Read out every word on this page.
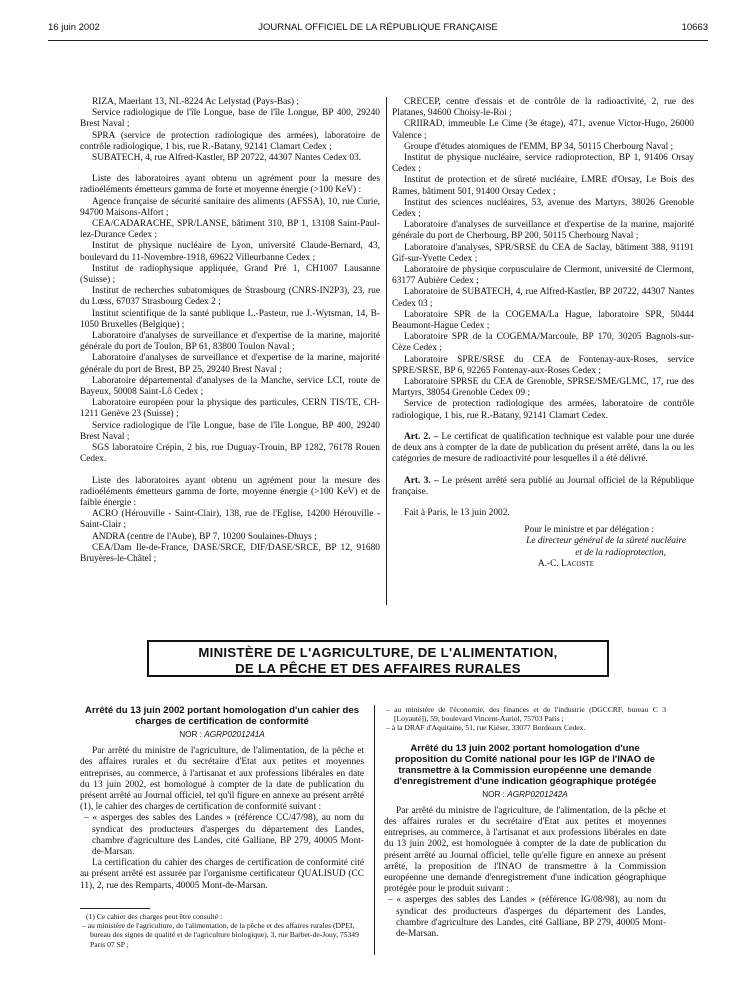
16 juin 2002	JOURNAL OFFICIEL DE LA RÉPUBLIQUE FRANÇAISE	10663

RIZA, Maerlant 13, NL-8224 Ac Lelystad (Pays-Bas) ;

Service radiologique de l'île Longue, base de l'île Longue, BP 400, 29240 Brest Naval ;

SPRA (service de protection radiologique des armées), laboratoire de contrôle radiologique, 1 bis, rue R.-Batany, 92141 Clamart Cedex ;

SUBATECH, 4, rue Alfred-Kastler, BP 20722, 44307 Nantes Cedex 03.

Liste des laboratoires ayant obtenu un agrément pour la mesure des radioéléments émetteurs gamma de forte et moyenne énergie (>100 KeV) :

Agence française de sécurité sanitaire des aliments (AFSSA), 10, rue Curie, 94700 Maisons-Alfort ;

CEA/CADARACHE, SPR/LANSE, bâtiment 310, BP 1, 13108 Saint-Paul-lez-Durance Cedex ;

Institut de physique nucléaire de Lyon, université Claude-Bernard, 43, boulevard du 11-Novembre-1918, 69622 Villeurbanne Cedex ;

Institut de radiophysique appliquée, Grand Pré 1, CH1007 Lausanne (Suisse) ;

Institut de recherches subatomiques de Strasbourg (CNRS-IN2P3), 23, rue du Lœss, 67037 Strasbourg Cedex 2 ;

Institut scientifique de la santé publique L.-Pasteur, rue J.-Wytsman, 14, B-1050 Bruxelles (Belgique) ;

Laboratoire d'analyses de surveillance et d'expertise de la marine, majorité générale du port de Toulon, BP 61, 83800 Toulon Naval ;

Laboratoire d'analyses de surveillance et d'expertise de la marine, majorité générale du port de Brest, BP 25, 29240 Brest Naval ;

Laboratoire départemental d'analyses de la Manche, service LCI, route de Bayeux, 50008 Saint-Lô Cedex ;

Laboratoire européen pour la physique des particules, CERN TIS/TE, CH-1211 Genève 23 (Suisse) ;

Service radiologique de l'île Longue, base de l'île Longue, BP 400, 29240 Brest Naval ;

SGS laboratoire Crépin, 2 bis, rue Duguay-Trouin, BP 1282, 76178 Rouen Cedex.

Liste des laboratoires ayant obtenu un agrément pour la mesure des radioéléments émetteurs gamma de forte, moyenne énergie (>100 KeV) et de faible énergie :

ACRO (Hérouville - Saint-Clair), 138, rue de l'Eglise, 14200 Hérouville - Saint-Clair ;

ANDRA (centre de l'Aube), BP 7, 10200 Soulaines-Dhuys ;

CEA/Dam Ile-de-France, DASE/SRCE, DIF/DASE/SRCE, BP 12, 91680 Bruyères-le-Châtel ;

CRECEP, centre d'essais et de contrôle de la radioactivité, 2, rue des Platanes, 94600 Choisy-le-Roi ;

CRIIRAD, immeuble Le Cime (3e étage), 471, avenue Victor-Hugo, 26000 Valence ;

Groupe d'études atomiques de l'EMM, BP 34, 50115 Cherbourg Naval ;

Institut de physique nucléaire, service radioprotection, BP 1, 91406 Orsay Cedex ;

Institut de protection et de sûreté nucléaire, LMRE d'Orsay, Le Bois des Rames, bâtiment 501, 91400 Orsay Cedex ;

Institut des sciences nucléaires, 53, avenue des Martyrs, 38026 Grenoble Cedex ;

Laboratoire d'analyses de surveillance et d'expertise de la marine, majorité générale du port de Cherbourg, BP 200, 50115 Cherbourg Naval ;

Laboratoire d'analyses, SPR/SRSE du CEA de Saclay, bâtiment 388, 91191 Gif-sur-Yvette Cedex ;

Laboratoire de physique corpusculaire de Clermont, université de Clermont, 63177 Aubière Cedex ;

Laboratoire de SUBATECH, 4, rue Alfred-Kastler, BP 20722, 44307 Nantes Cedex 03 ;

Laboratoire SPR de la COGEMA/La Hague, laboratoire SPR, 50444 Beaumont-Hague Cedex ;

Laboratoire SPR de la COGEMA/Marcoule, BP 170, 30205 Bagnols-sur-Cèze Cedex ;

Laboratoire SPRE/SRSE du CEA de Fontenay-aux-Roses, service SPRE/SRSE, BP 6, 92265 Fontenay-aux-Roses Cedex ;

Laboratoire SPRSE du CEA de Grenoble, SPRSE/SME/GLMC, 17, rue des Martyrs, 38054 Grenoble Cedex 09 ;

Service de protection radiologique des armées, laboratoire de contrôle radiologique, 1 bis, rue R.-Batany, 92141 Clamart Cedex.

Art. 2. – Le certificat de qualification technique est valable pour une durée de deux ans à compter de la date de publication du présent arrêté, dans la ou les catégories de mesure de radioactivité pour lesquelles il a été délivré.

Art. 3. – Le présent arrêté sera publié au Journal officiel de la République française.

Fait à Paris, le 13 juin 2002.

Pour le ministre et par délégation :
Le directeur général de la sûreté nucléaire
et de la radioprotection,
A.-C. Lacoste
MINISTÈRE DE L'AGRICULTURE, DE L'ALIMENTATION,
DE LA PÊCHE ET DES AFFAIRES RURALES
Arrêté du 13 juin 2002 portant homologation d'un cahier des charges de certification de conformité
NOR : AGRP0201241A

Par arrêté du ministre de l'agriculture, de l'alimentation, de la pêche et des affaires rurales et du secrétaire d'Etat aux petites et moyennes entreprises, au commerce, à l'artisanat et aux professions libérales en date du 13 juin 2002, est homologué à compter de la date de publication du présent arrêté au Journal officiel, tel qu'il figure en annexe au présent arrêté (1), le cahier des charges de certification de conformité suivant :

– « asperges des sables des Landes » (référence CC/47/98), au nom du syndicat des producteurs d'asperges du département des Landes, chambre d'agriculture des Landes, cité Galliane, BP 279, 40005 Mont-de-Marsan.

La certification du cahier des charges de certification de conformité cité au présent arrêté est assurée par l'organisme certificateur QUALISUD (CC 11), 2, rue des Remparts, 40005 Mont-de-Marsan.

(1) Ce cahier des charges peut être consulté :

– au ministère de l'agriculture, de l'alimentation, de la pêche et des affaires rurales (DPEI, bureau des signes de qualité et de l'agriculture biologique), 3, rue Barbet-de-Jouy, 75349 Paris 07 SP ;

– au ministère de l'économie, des finances et de l'industrie (DGCCRF, bureau C 3 [Loyauté]), 59, boulevard Vincent-Auriol, 75703 Paris ;

– à la DRAF d'Aquitaine, 51, rue Kiéser, 33077 Bordeaux Cedex.

Arrêté du 13 juin 2002 portant homologation d'une proposition du Comité national pour les IGP de l'INAO de transmettre à la Commission européenne une demande d'enregistrement d'une indication géographique protégée
NOR : AGRP0201242A

Par arrêté du ministre de l'agriculture, de l'alimentation, de la pêche et des affaires rurales et du secrétaire d'Etat aux petites et moyennes entreprises, au commerce, à l'artisanat et aux professions libérales en date du 13 juin 2002, est homologuée à compter de la date de publication du présent arrêté au Journal officiel, telle qu'elle figure en annexe au présent arrêté, la proposition de l'INAO de transmettre à la Commission européenne une demande d'enregistrement d'une indication géographique protégée pour le produit suivant :

– « asperges des sables des Landes » (référence IG/08/98), au nom du syndicat des producteurs d'asperges du département des Landes, chambre d'agriculture des Landes, cité Galliane, BP 279, 40005 Mont-de-Marsan.
